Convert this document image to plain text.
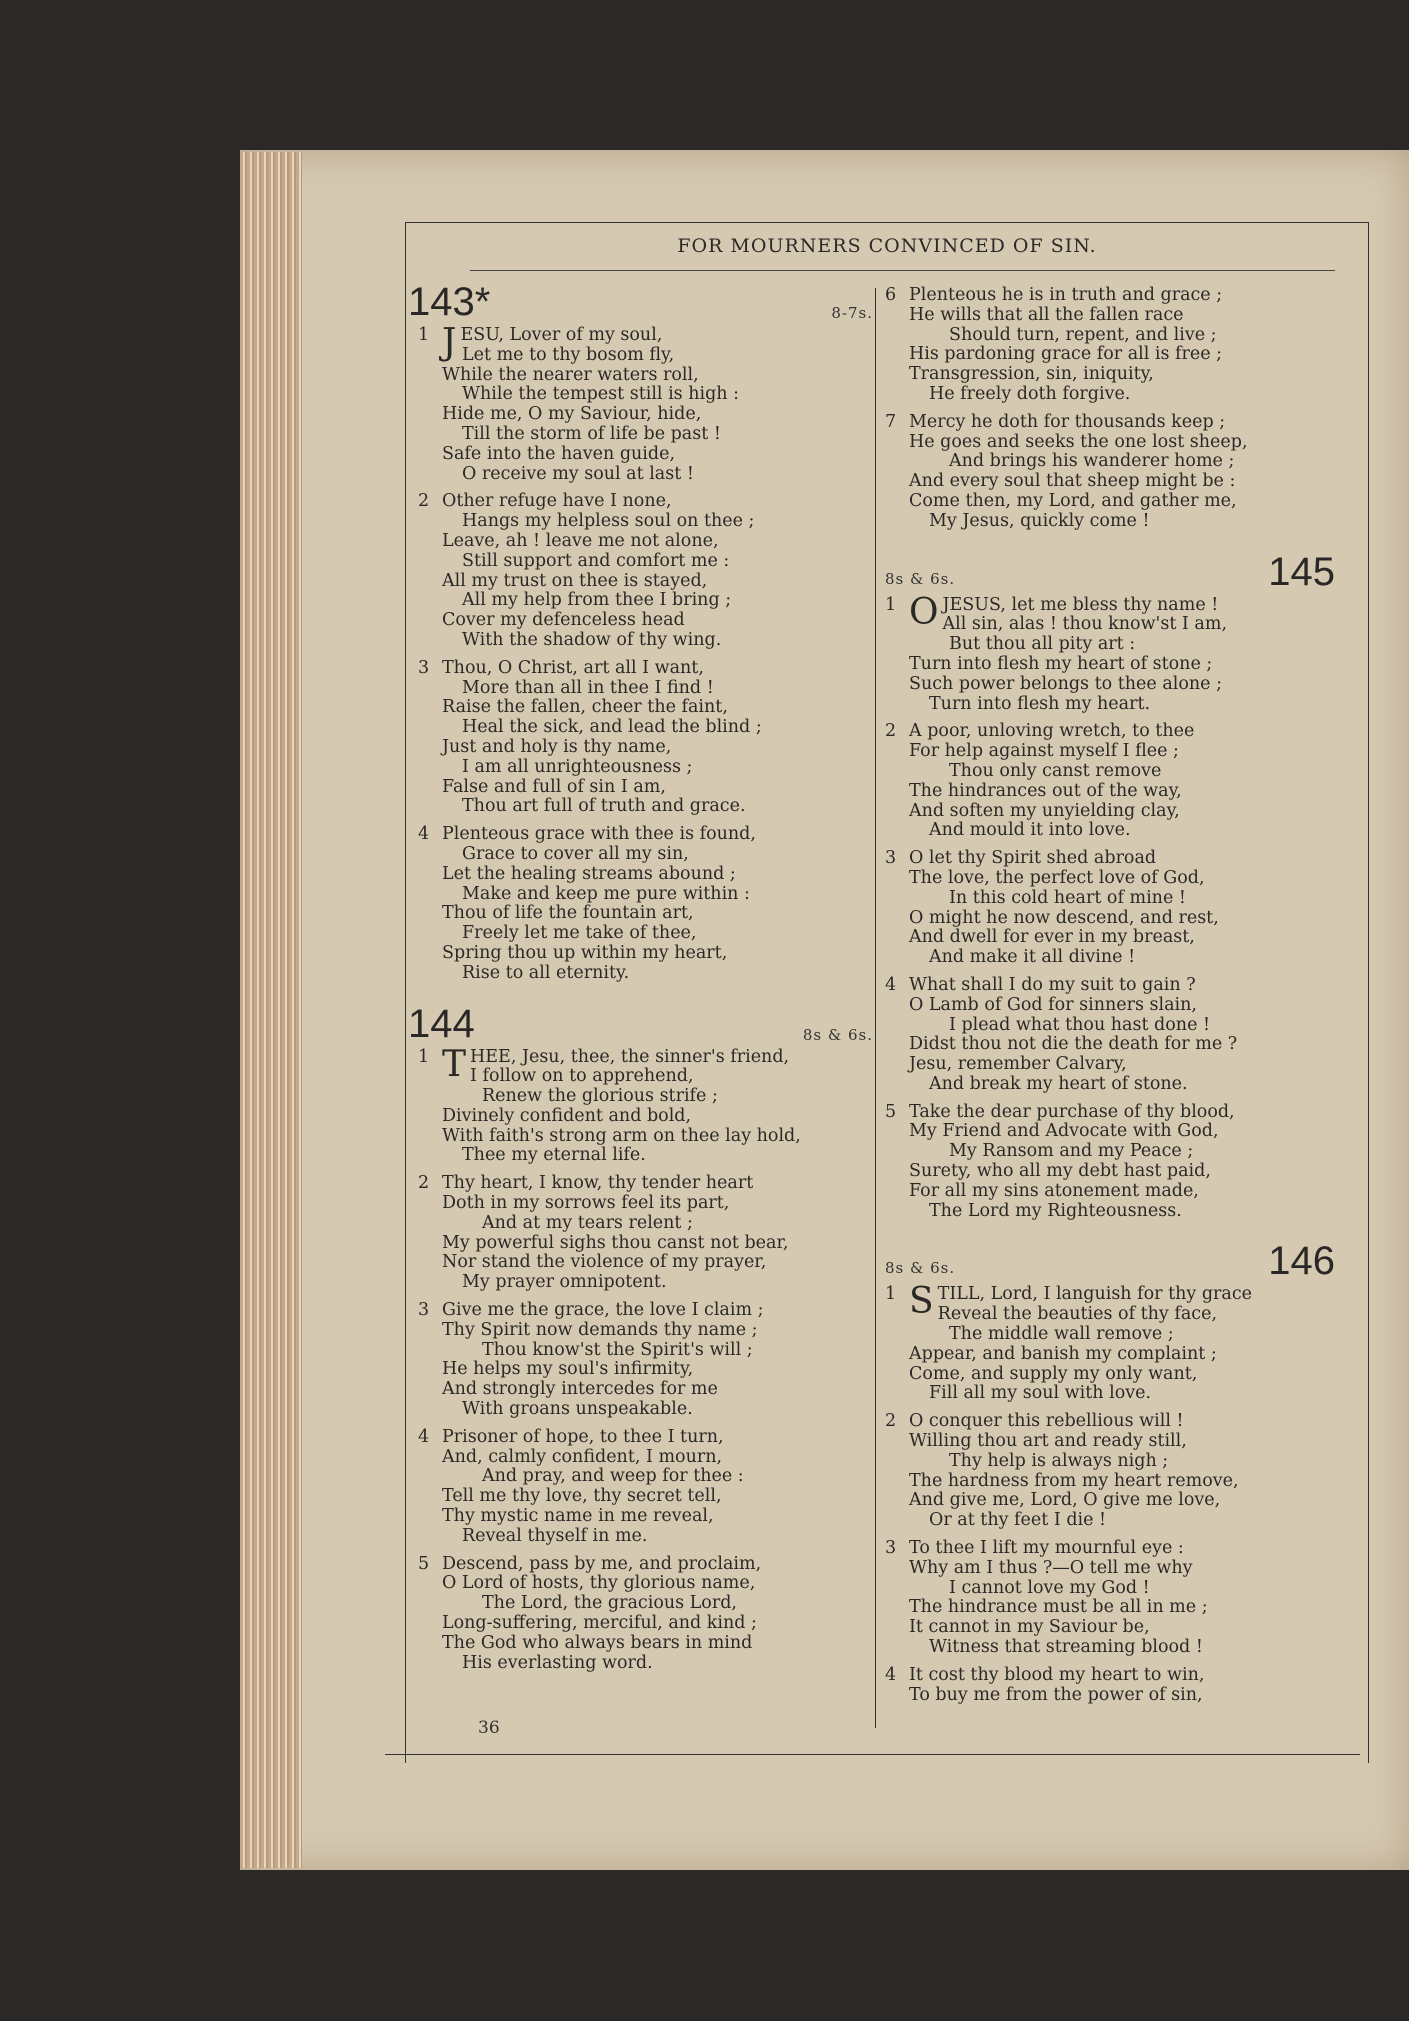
FOR MOURNERS CONVINCED OF SIN.
143*	8-7s.
1 J ESU, Lover of my soul,
Let me to thy bosom fly,
While the nearer waters roll,
While the tempest still is high :
Hide me, O my Saviour, hide,
Till the storm of life be past !
Safe into the haven guide,
O receive my soul at last !
2 Other refuge have I none,
Hangs my helpless soul on thee ;
Leave, ah ! leave me not alone,
Still support and comfort me :
All my trust on thee is stayed,
All my help from thee I bring ;
Cover my defenceless head
With the shadow of thy wing.
3 Thou, O Christ, art all I want,
More than all in thee I find !
Raise the fallen, cheer the faint,
Heal the sick, and lead the blind ;
Just and holy is thy name,
I am all unrighteousness ;
False and full of sin I am,
Thou art full of truth and grace.
4 Plenteous grace with thee is found,
Grace to cover all my sin,
Let the healing streams abound ;
Make and keep me pure within :
Thou of life the fountain art,
Freely let me take of thee,
Spring thou up within my heart,
Rise to all eternity.
144	8s & 6s.
1 T HEE, Jesu, thee, the sinner's friend,
I follow on to apprehend,
Renew the glorious strife ;
Divinely confident and bold,
With faith's strong arm on thee lay hold,
Thee my eternal life.
2 Thy heart, I know, thy tender heart
Doth in my sorrows feel its part,
And at my tears relent ;
My powerful sighs thou canst not bear,
Nor stand the violence of my prayer,
My prayer omnipotent.
3 Give me the grace, the love I claim ;
Thy Spirit now demands thy name ;
Thou know'st the Spirit's will ;
He helps my soul's infirmity,
And strongly intercedes for me
With groans unspeakable.
4 Prisoner of hope, to thee I turn,
And, calmly confident, I mourn,
And pray, and weep for thee :
Tell me thy love, thy secret tell,
Thy mystic name in me reveal,
Reveal thyself in me.
5 Descend, pass by me, and proclaim,
O Lord of hosts, thy glorious name,
The Lord, the gracious Lord,
Long-suffering, merciful, and kind ;
The God who always bears in mind
His everlasting word.
6 Plenteous he is in truth and grace ;
He wills that all the fallen race
Should turn, repent, and live ;
His pardoning grace for all is free ;
Transgression, sin, iniquity,
He freely doth forgive.
7 Mercy he doth for thousands keep ;
He goes and seeks the one lost sheep,
And brings his wanderer home ;
And every soul that sheep might be :
Come then, my Lord, and gather me,
My Jesus, quickly come !
145
8s & 6s.
1 O JESUS, let me bless thy name !
All sin, alas ! thou know'st I am,
But thou all pity art :
Turn into flesh my heart of stone ;
Such power belongs to thee alone ;
Turn into flesh my heart.
2 A poor, unloving wretch, to thee
For help against myself I flee ;
Thou only canst remove
The hindrances out of the way,
And soften my unyielding clay,
And mould it into love.
3 O let thy Spirit shed abroad
The love, the perfect love of God,
In this cold heart of mine !
O might he now descend, and rest,
And dwell for ever in my breast,
And make it all divine !
4 What shall I do my suit to gain ?
O Lamb of God for sinners slain,
I plead what thou hast done !
Didst thou not die the death for me ?
Jesu, remember Calvary,
And break my heart of stone.
5 Take the dear purchase of thy blood,
My Friend and Advocate with God,
My Ransom and my Peace ;
Surety, who all my debt hast paid,
For all my sins atonement made,
The Lord my Righteousness.
146
8s & 6s.
1 S TILL, Lord, I languish for thy grace
Reveal the beauties of thy face,
The middle wall remove ;
Appear, and banish my complaint ;
Come, and supply my only want,
Fill all my soul with love.
2 O conquer this rebellious will !
Willing thou art and ready still,
Thy help is always nigh ;
The hardness from my heart remove,
And give me, Lord, O give me love,
Or at thy feet I die !
3 To thee I lift my mournful eye :
Why am I thus ?—O tell me why
I cannot love my God !
The hindrance must be all in me ;
It cannot in my Saviour be,
Witness that streaming blood !
4 It cost thy blood my heart to win,
To buy me from the power of sin,
36
